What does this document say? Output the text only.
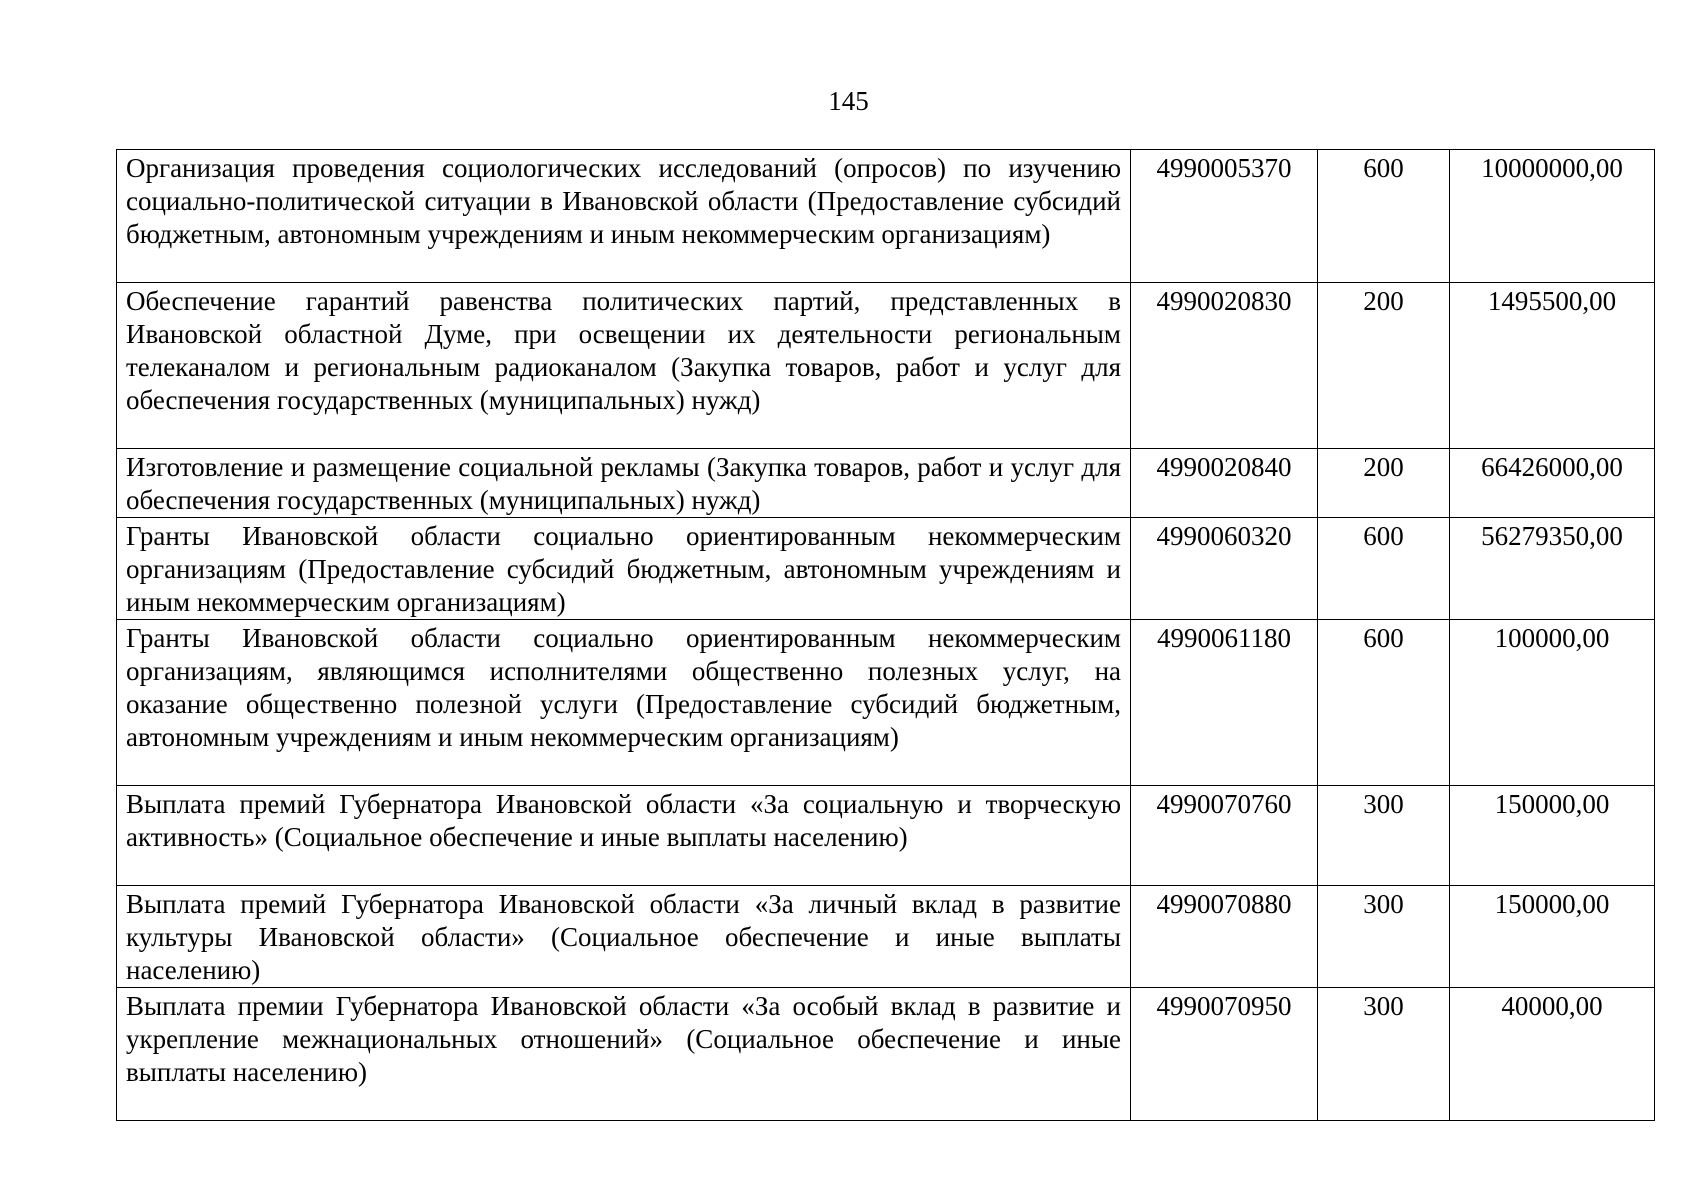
145
Организация проведения социологических исследований (опросов) по изучению социально-политической ситуации в Ивановской области (Предоставление субсидий бюджетным, автономным учреждениям и иным некоммерческим организациям)	4990005370	600	10000000,00
Обеспечение гарантий равенства политических партий, представленных в Ивановской областной Думе, при освещении их деятельности региональным телеканалом и региональным радиоканалом (Закупка товаров, работ и услуг для обеспечения государственных (муниципальных) нужд)	4990020830	200	1495500,00
Изготовление и размещение социальной рекламы (Закупка товаров, работ и услуг для обеспечения государственных (муниципальных) нужд)	4990020840	200	66426000,00
Гранты Ивановской области социально ориентированным некоммерческим организациям (Предоставление субсидий бюджетным, автономным учреждениям и иным некоммерческим организациям)	4990060320	600	56279350,00
Гранты Ивановской области социально ориентированным некоммерческим организациям, являющимся исполнителями общественно полезных услуг, на оказание общественно полезной услуги (Предоставление субсидий бюджетным, автономным учреждениям и иным некоммерческим организациям)	4990061180	600	100000,00
Выплата премий Губернатора Ивановской области «За социальную и творческую активность» (Социальное обеспечение и иные выплаты населению)	4990070760	300	150000,00
Выплата премий Губернатора Ивановской области «За личный вклад в развитие культуры Ивановской области» (Социальное обеспечение и иные выплаты населению)	4990070880	300	150000,00
Выплата премии Губернатора Ивановской области «За особый вклад в развитие и укрепление межнациональных отношений» (Социальное обеспечение и иные выплаты населению)	4990070950	300	40000,00
